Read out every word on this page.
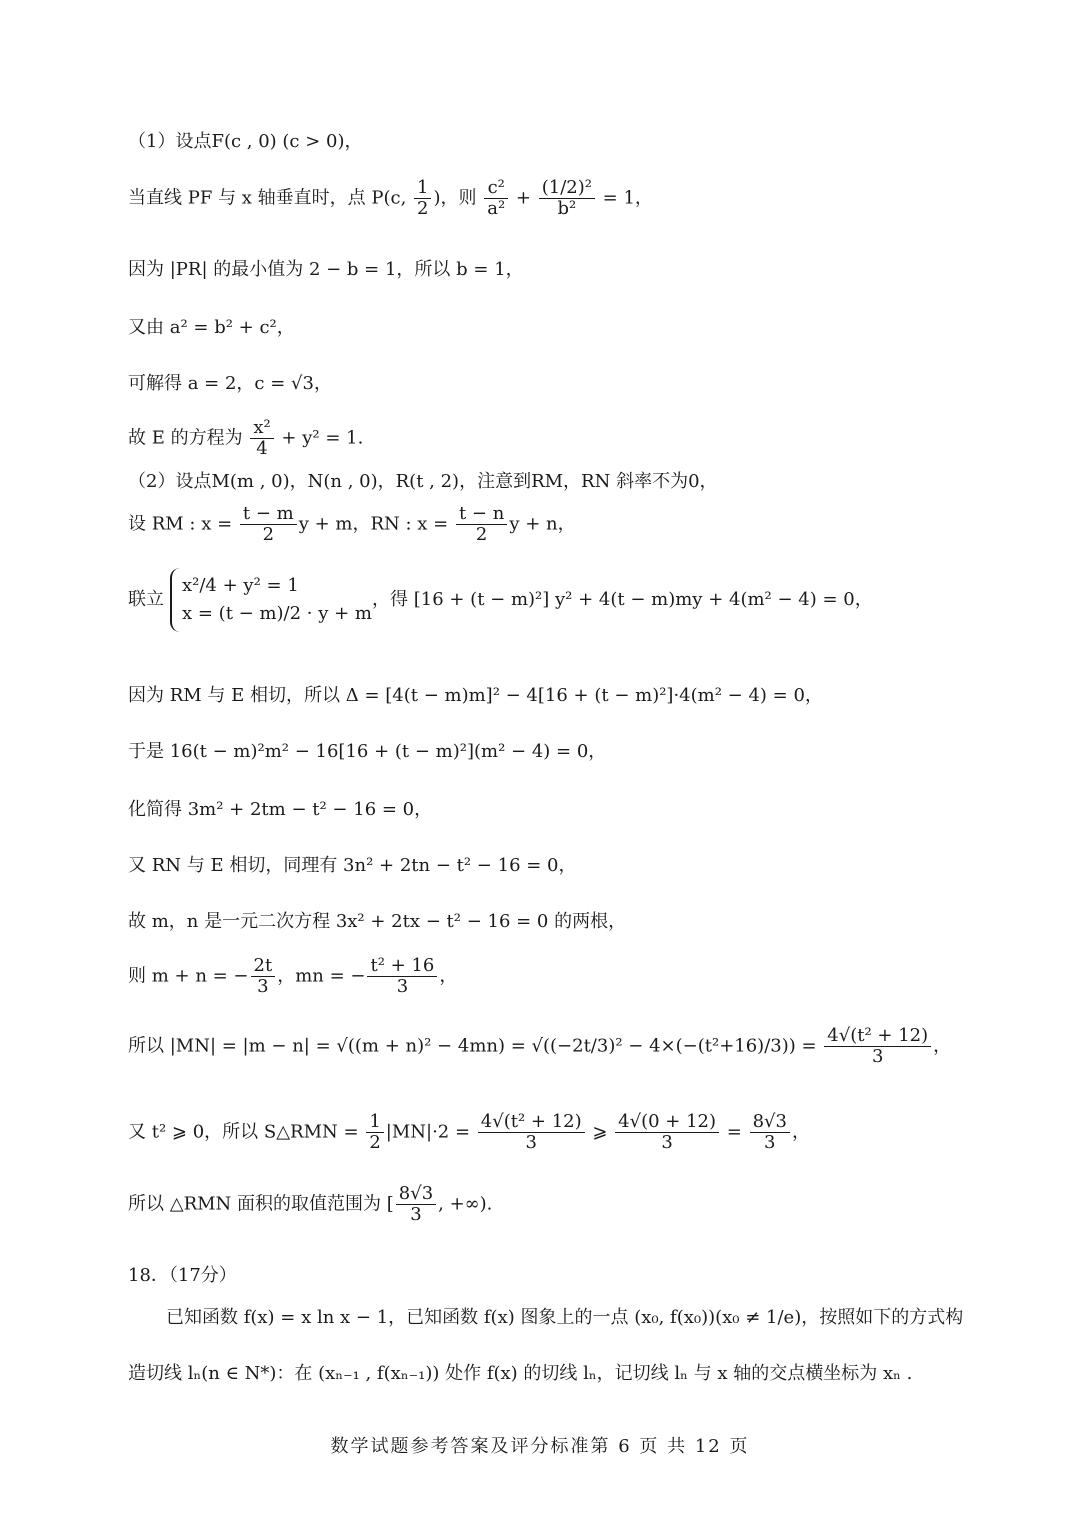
（1）设点F(c , 0) (c > 0)，
当直线 PF 与 x 轴垂直时，点 P(c, $\frac{1}{2}$ )，则 $\frac{\text{c²}}{\text{a²}} + \frac{\text{(1/2)²}}{\text{b²}} = 1$，
因为 |PR| 的最小值为 2 − b = 1，所以 b = 1，
又由 a² = b² + c²，
可解得 a = 2，c = √3，
故 E 的方程为 $\frac{\text{x²}}{4} + y^2 = 1$.
（2）设点M(m , 0)，N(n , 0)，R(t , 2)，注意到RM，RN 斜率不为0，
设 RM : $x = \frac{t - m}{2}$ y + m，RN : $x = \frac{t - n}{2}$ y + n，
联立
x²/4 + y² = 1
x = (t − m)/2 · y + m
，得 [16 + (t − m)²] y² + 4(t − m)my + 4(m² − 4) = 0，
因为 RM 与 E 相切，所以 Δ = [4(t − m)m]² − 4[16 + (t − m)²]·4(m² − 4) = 0，
于是 16(t − m)²m² − 16[16 + (t − m)²](m² − 4) = 0，
化简得 3m² + 2tm − t² − 16 = 0，
又 RN 与 E 相切，同理有 3n² + 2tn − t² − 16 = 0，
故 m，n 是一元二次方程 3x² + 2tx − t² − 16 = 0 的两根，
则 m + n = − $\frac{2t}{3}$ ，mn = − $\frac{\text{t² + 16}}{3}$ ，
所以 $|MN| = |m - n| = √((m + n)^2 - 4mn) = √((-2t/3)^2 - 4\times(-(t^2+16)/3)) = \frac{\text{4√(t² + 12)}}{3}$ ，
又 t² ⩾ 0，所以 S△RMN = $\frac{1}{2} |MN|\cdot 2 = \frac{\text{4√(t² + 12)}}{3}$ ⩾ $\frac{4√(0 + 12)}{3} = \frac{8√3}{3}$ ，
所以 △RMN 面积的取值范围为 [ $\frac{8√3}{3}$ , +∞).
18．（17分）
已知函数 f(x) = x ln x − 1，已知函数 f(x) 图象上的一点 (x₀, f(x₀))(x₀ ≠ 1/e)，按照如下的方式构
造切线 lₙ(n ∈ N*)：在 (xₙ₋₁ , f(xₙ₋₁)) 处作 f(x) 的切线 lₙ，记切线 lₙ 与 x 轴的交点横坐标为 xₙ .
数学试题参考答案及评分标准第 6 页 共 12 页
